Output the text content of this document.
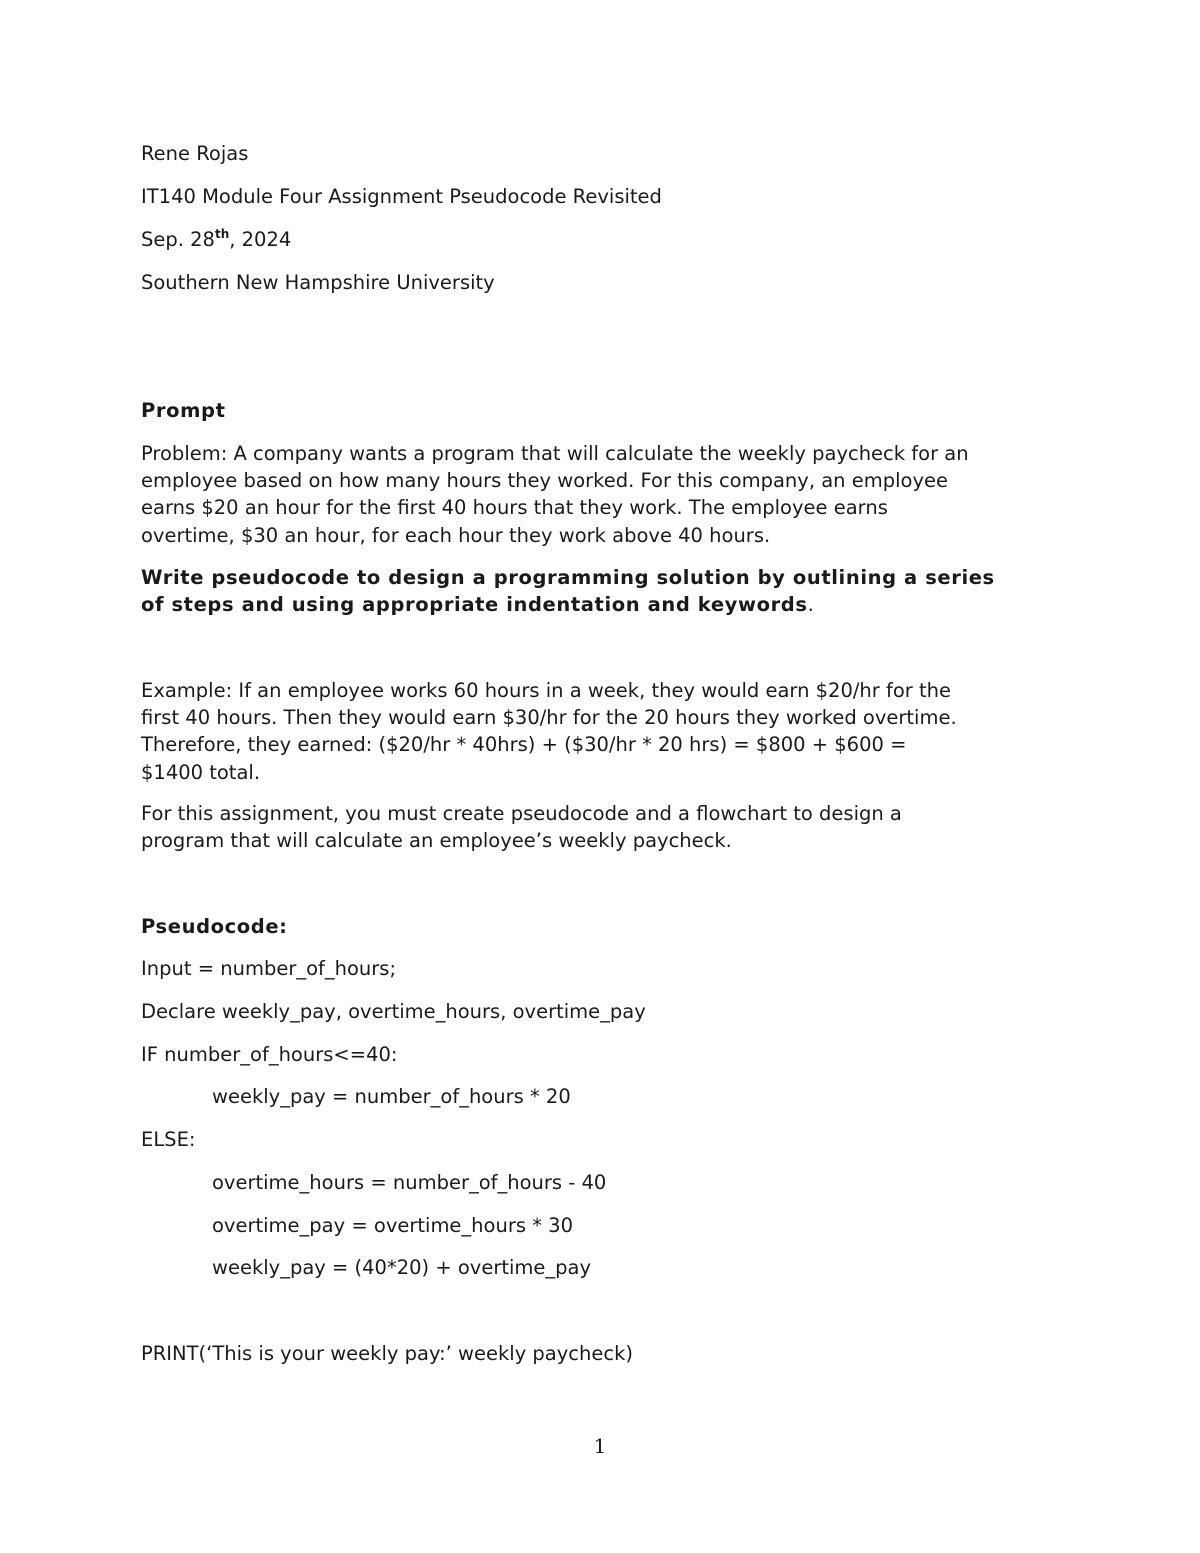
Rene Rojas
IT140 Module Four Assignment Pseudocode Revisited
Sep. 28th, 2024
Southern New Hampshire University
Prompt
Problem: A company wants a program that will calculate the weekly paycheck for an
employee based on how many hours they worked. For this company, an employee
earns $20 an hour for the first 40 hours that they work. The employee earns
overtime, $30 an hour, for each hour they work above 40 hours.
Write pseudocode to design a programming solution by outlining a series
of steps and using appropriate indentation and keywords.
Example: If an employee works 60 hours in a week, they would earn $20/hr for the
first 40 hours. Then they would earn $30/hr for the 20 hours they worked overtime.
Therefore, they earned: ($20/hr * 40hrs) + ($30/hr * 20 hrs) = $800 + $600 =
$1400 total.
For this assignment, you must create pseudocode and a flowchart to design a
program that will calculate an employee’s weekly paycheck.
Pseudocode:
Input = number_of_hours;
Declare weekly_pay, overtime_hours, overtime_pay
IF number_of_hours<=40:
weekly_pay = number_of_hours * 20
ELSE:
overtime_hours = number_of_hours - 40
overtime_pay = overtime_hours * 30
weekly_pay = (40*20) + overtime_pay
PRINT(‘This is your weekly pay:’ weekly paycheck)
1
